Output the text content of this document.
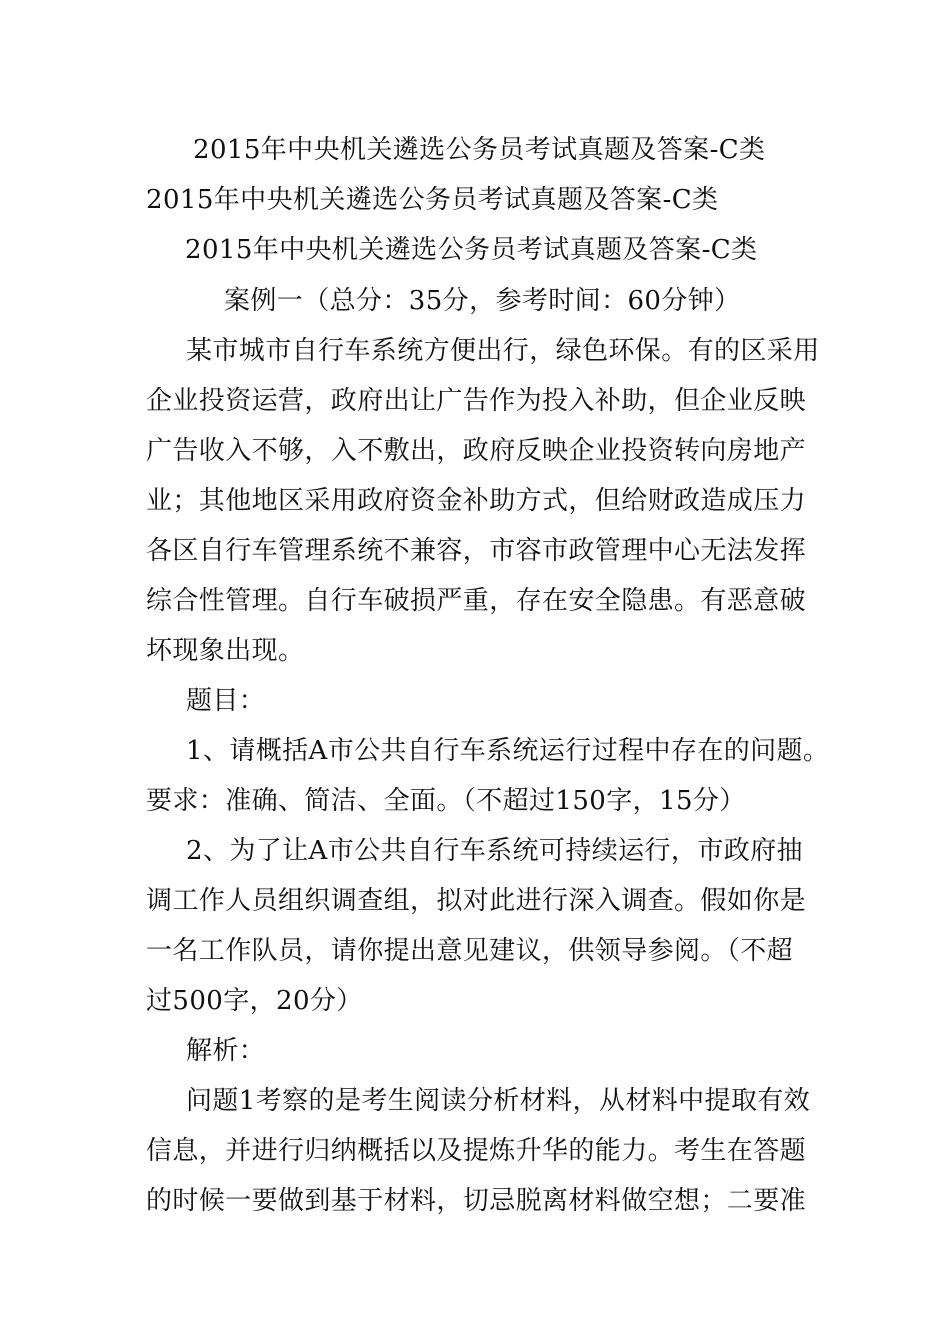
2015年中央机关遴选公务员考试真题及答案-C类
2015年中央机关遴选公务员考试真题及答案-C类
2015年中央机关遴选公务员考试真题及答案-C类
案例一（总分：35分，参考时间：60分钟）
某市城市自行车系统方便出行，绿色环保。有的区采用
企业投资运营，政府出让广告作为投入补助，但企业反映
广告收入不够，入不敷出，政府反映企业投资转向房地产
业；其他地区采用政府资金补助方式，但给财政造成压力
各区自行车管理系统不兼容，市容市政管理中心无法发挥
综合性管理。自行车破损严重，存在安全隐患。有恶意破
坏现象出现。
题目：
1、请概括A市公共自行车系统运行过程中存在的问题。
要求：准确、简洁、全面。（不超过150字，15分）
2、为了让A市公共自行车系统可持续运行，市政府抽
调工作人员组织调查组，拟对此进行深入调查。假如你是
一名工作队员，请你提出意见建议，供领导参阅。（不超
过500字，20分）
解析：
问题1考察的是考生阅读分析材料，从材料中提取有效
信息，并进行归纳概括以及提炼升华的能力。考生在答题
的时候一要做到基于材料，切忌脱离材料做空想；二要准
